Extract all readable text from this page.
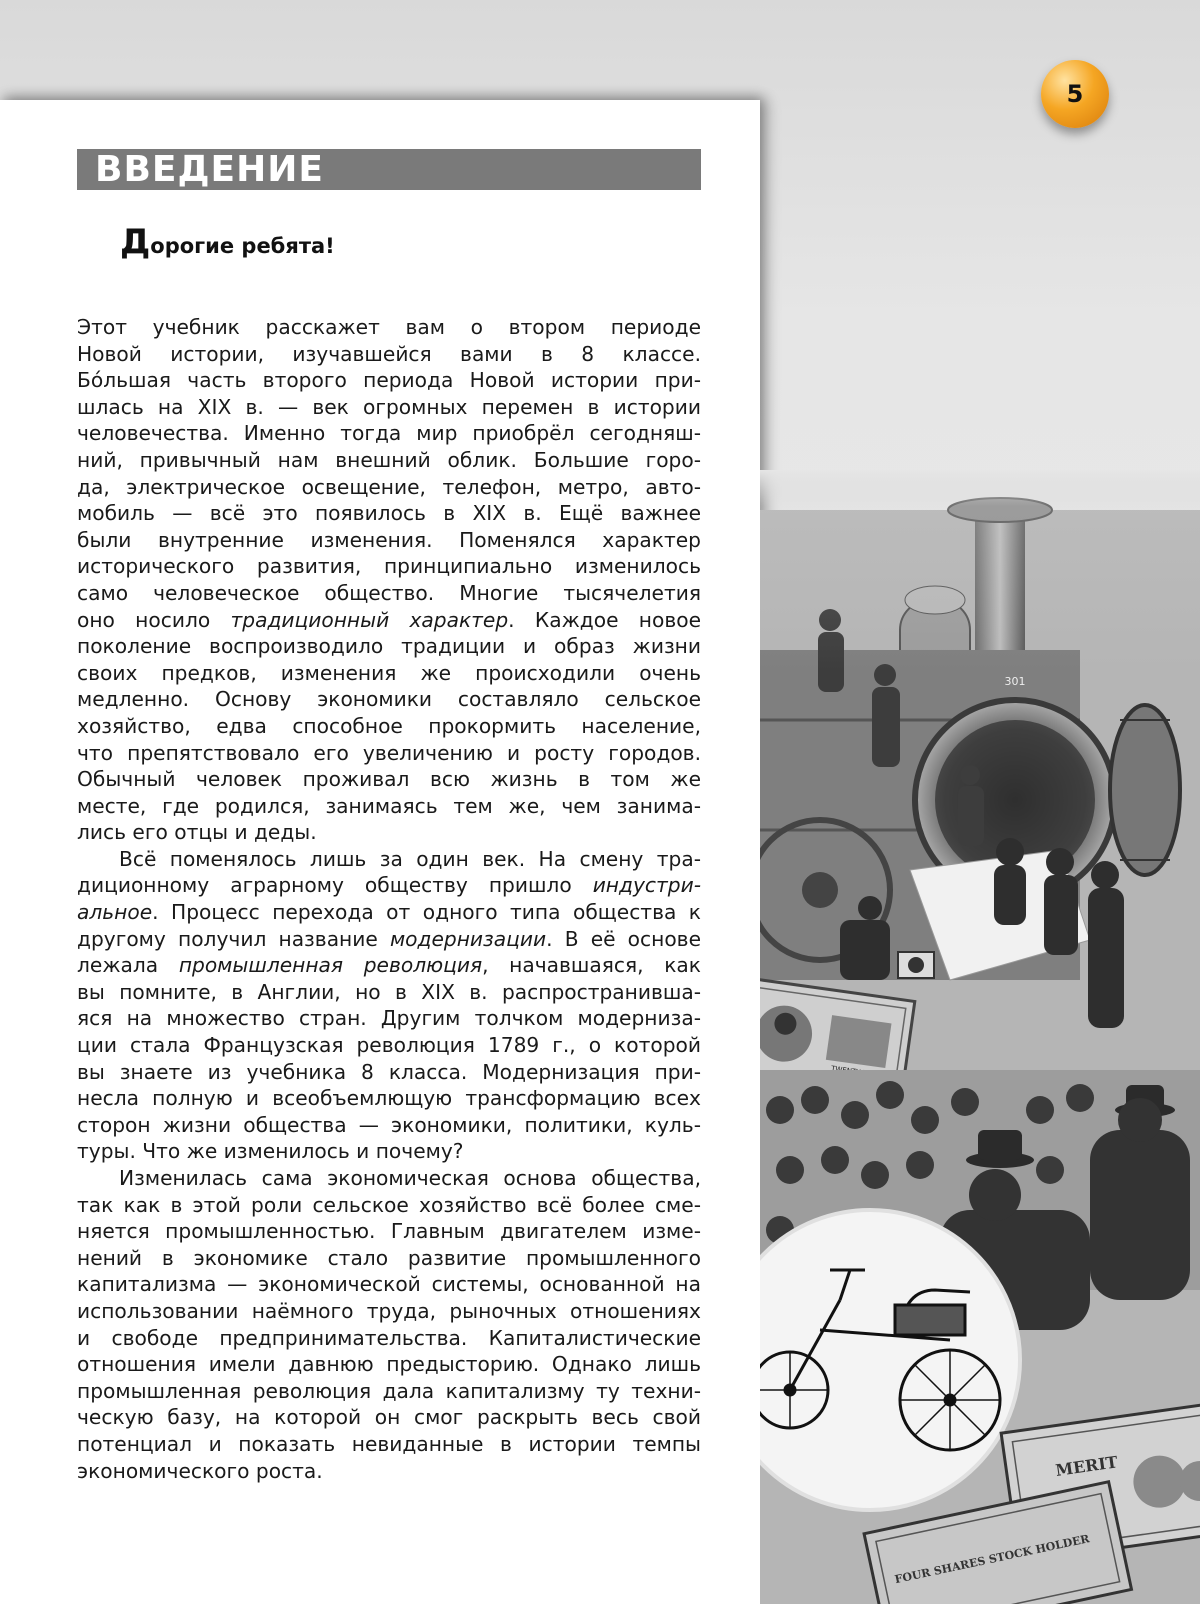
5
ВВЕДЕНИЕ
Дорогие ребята!
Этот учебник расскажет вам о втором периоде
Новой истории, изучавшейся вами в 8 классе.
Бóльшая часть второго периода Новой истории при-
шлась на XIX в. — век огромных перемен в истории
человечества. Именно тогда мир приобрёл сегодняш-
ний, привычный нам внешний облик. Большие горо-
да, электрическое освещение, телефон, метро, авто-
мобиль — всё это появилось в XIX в. Ещё важнее
были внутренние изменения. Поменялся характер
исторического развития, принципиально изменилось
само человеческое общество. Многие тысячелетия
оно носило традиционный характер. Каждое новое
поколение воспроизводило традиции и образ жизни
своих предков, изменения же происходили очень
медленно. Основу экономики составляло сельское
хозяйство, едва способное прокормить население,
что препятствовало его увеличению и росту городов.
Обычный человек проживал всю жизнь в том же
месте, где родился, занимаясь тем же, чем занима-
лись его отцы и деды.
Всё поменялось лишь за один век. На смену тра-
диционному аграрному обществу пришло индустри-
альное. Процесс перехода от одного типа общества к
другому получил название модернизации. В её основе
лежала промышленная революция, начавшаяся, как
вы помните, в Англии, но в XIX в. распространивша-
яся на множество стран. Другим толчком модерниза-
ции стала Французская революция 1789 г., о которой
вы знаете из учебника 8 класса. Модернизация при-
несла полную и всеобъемлющую трансформацию всех
сторон жизни общества — экономики, политики, куль-
туры. Что же изменилось и почему?
Изменилась сама экономическая основа общества,
так как в этой роли сельское хозяйство всё более сме-
няется промышленностью. Главным двигателем изме-
нений в экономике стало развитие промышленного
капитализма — экономической системы, основанной на
использовании наёмного труда, рыночных отношениях
и свободе предпринимательства. Капиталистические
отношения имели давнюю предысторию. Однако лишь
промышленная революция дала капитализму ту техни-
ческую базу, на которой он смог раскрыть весь свой
потенциал и показать невиданные в истории темпы
экономического роста.
301
MERIT
FOUR SHARES STOCK HOLDER
